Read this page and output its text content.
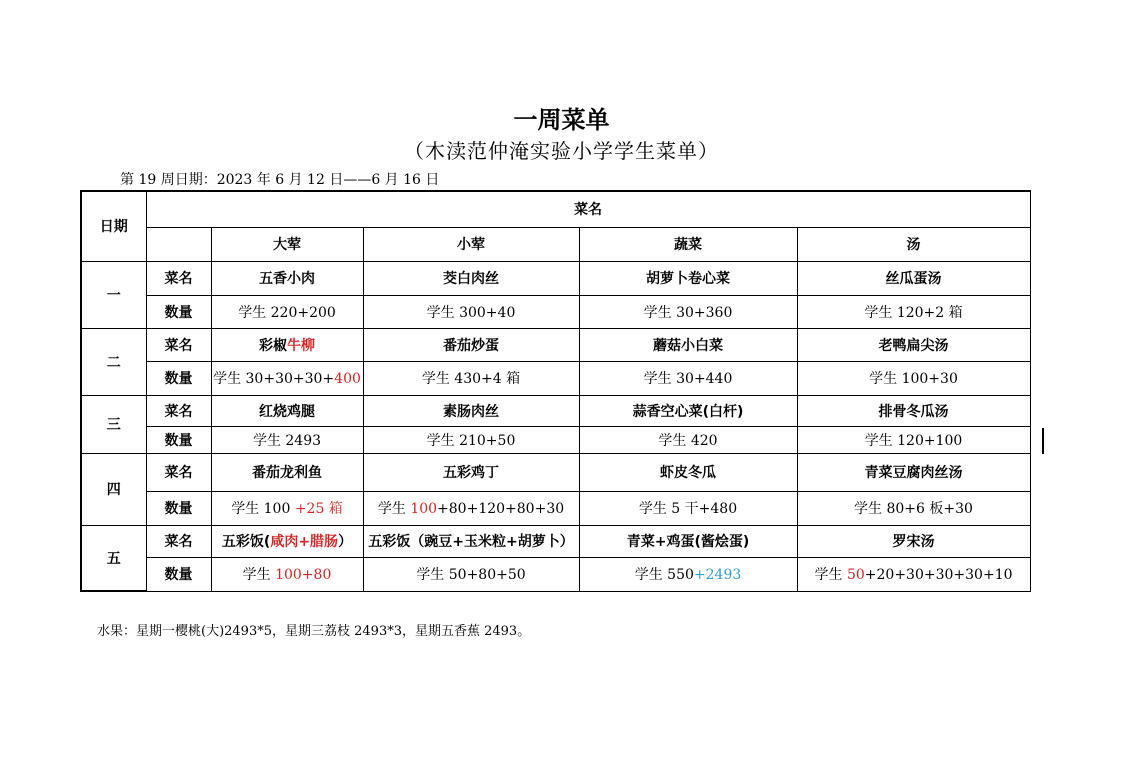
一周菜单
（木渎范仲淹实验小学学生菜单）
第 19 周日期：2023 年 6 月 12 日——6 月 16 日
日期	菜名				
		大荤	小荤	蔬菜	汤
一	菜名	五香小肉	茭白肉丝	胡萝卜卷心菜	丝瓜蛋汤
	数量	学生 220+200	学生 300+40	学生 30+360	学生 120+2 箱
二	菜名	彩椒牛柳	番茄炒蛋	蘑菇小白菜	老鸭扁尖汤
	数量	学生 30+30+30+400	学生 430+4 箱	学生 30+440	学生 100+30
三	菜名	红烧鸡腿	素肠肉丝	蒜香空心菜(白杆)	排骨冬瓜汤
	数量	学生 2493	学生 210+50	学生 420	学生 120+100
四	菜名	番茄龙利鱼	五彩鸡丁	虾皮冬瓜	青菜豆腐肉丝汤
	数量	学生 100 +25 箱	学生 100+80+120+80+30	学生 5 干+480	学生 80+6 板+30
五	菜名	五彩饭(咸肉+腊肠）	五彩饭（豌豆+玉米粒+胡萝卜）	青菜+鸡蛋(酱烩蛋)	罗宋汤
	数量	学生 100+80	学生 50+80+50	学生 550+2493	学生 50+20+30+30+30+10
水果：星期一樱桃(大)2493*5，星期三荔枝 2493*3，星期五香蕉 2493。
